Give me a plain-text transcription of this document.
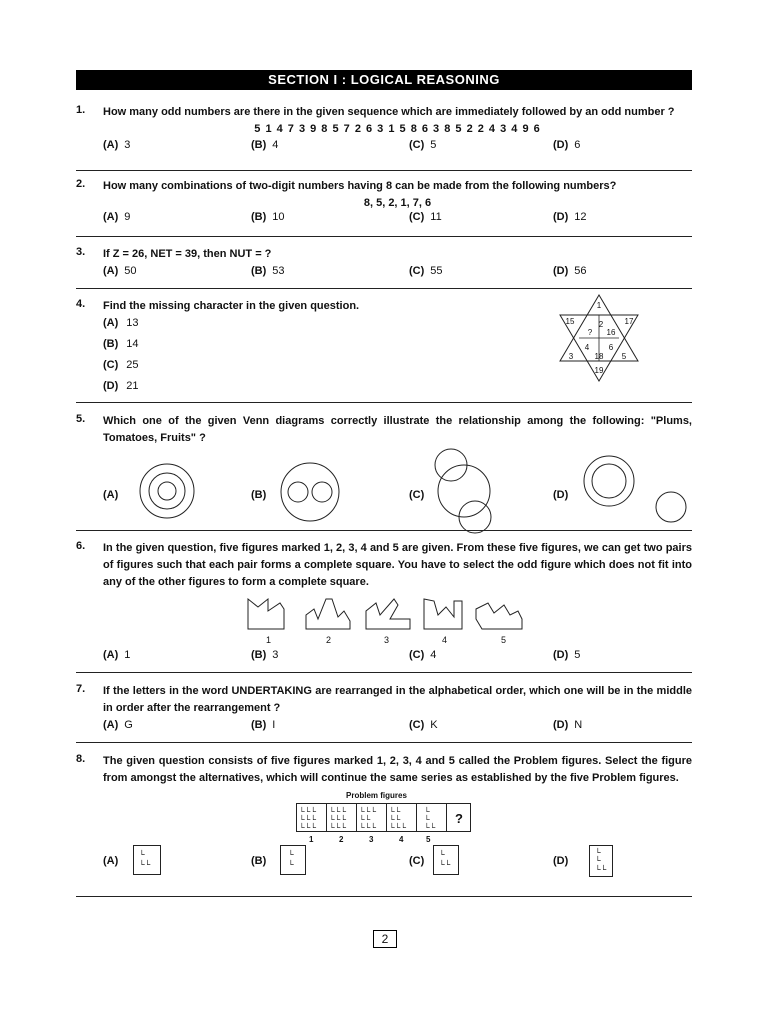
SECTION I : LOGICAL REASONING
1. How many odd numbers are there in the given sequence which are immediately followed by an odd number ?
5 1 4 7 3 9 8 5 7 2 6 3 1 5 8 6 3 8 5 2 2 4 3 4 9 6
(A) 3	(B) 4	(C) 5	(D) 6
2. How many combinations of two-digit numbers having 8 can be made from the following numbers?
8, 5, 2, 1, 7, 6
(A) 9	(B) 10	(C) 11	(D) 12
3. If Z = 26, NET = 39, then NUT = ?
(A) 50	(B) 53	(C) 55	(D) 56
4. Find the missing character in the given question.
(A) 13
(B) 14
(C) 25
(D) 21
1
15	2	17
? 16
4 6
3	18 5
19
5. Which one of the given Venn diagrams correctly illustrate the relationship among the following: "Plums, Tomatoes, Fruits" ?
(A)	(B)	(C)	(D)
6. In the given question, five figures marked 1, 2, 3, 4 and 5 are given. From these five figures, we can get two pairs of figures such that each pair forms a complete square. You have to select the odd figure which does not fit into any of the other figures to form a complete square.
1	2	3	4	5
(A) 1	(B) 3	(C) 4	(D) 5
7. If the letters in the word UNDERTAKING are rearranged in the alphabetical order, which one will be in the middle in order after the rearrangement ?
(A) G	(B) I	(C) K	(D) N
8. The given question consists of five figures marked 1, 2, 3, 4 and 5 called the Problem figures. Select the figure from amongst the alternatives, which will continue the same series as established by the five Problem figures.
Problem figures
└└└
└└└
└└└
└└└
└└└
└└└
└└└
└└
└└└
└└
└└
└└└
└
└
└└
?
1	2	3	4	5
(A)
└
└└	(B)
└
└	(C)
└
└└	(D)
└
└
└└
2
